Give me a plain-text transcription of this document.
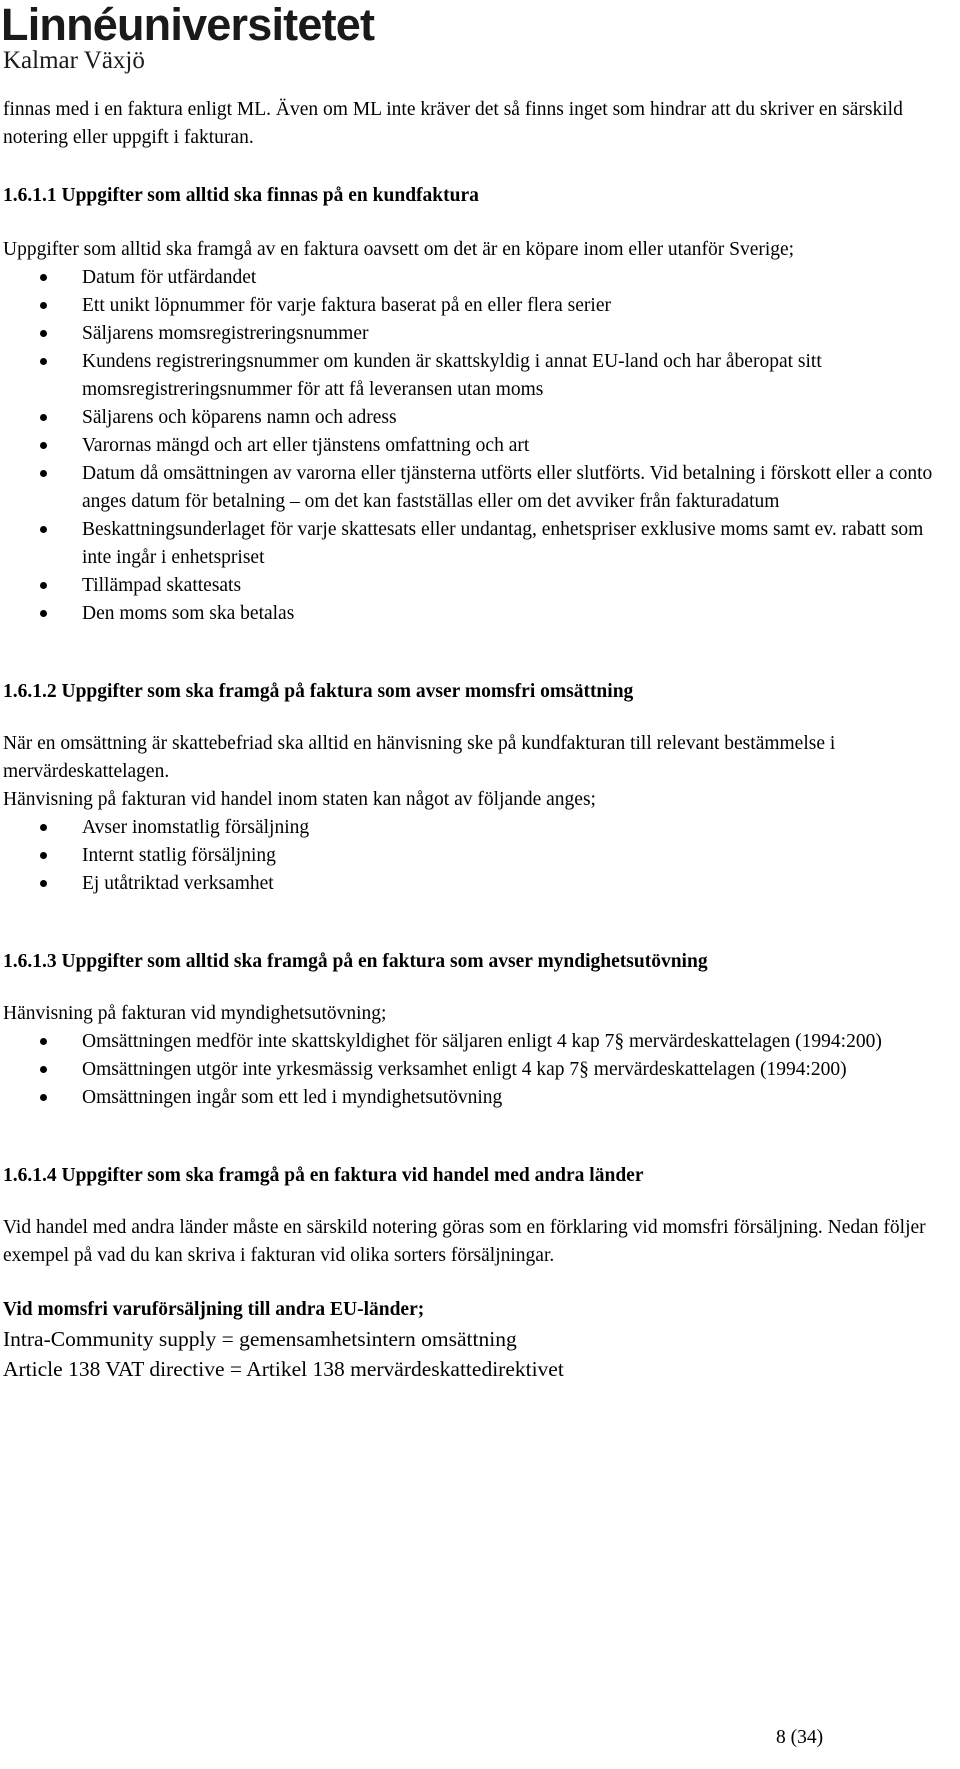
Linnéuniversitetet
Kalmar Växjö

finnas med i en faktura enligt ML. Även om ML inte kräver det så finns inget som hindrar att du skriver en särskild notering eller uppgift i fakturan.

1.6.1.1 Uppgifter som alltid ska finnas på en kundfaktura

Uppgifter som alltid ska framgå av en faktura oavsett om det är en köpare inom eller utanför Sverige;

Datum för utfärdandet
Ett unikt löpnummer för varje faktura baserat på en eller flera serier
Säljarens momsregistreringsnummer
Kundens registreringsnummer om kunden är skattskyldig i annat EU-land och har åberopat sitt momsregistreringsnummer för att få leveransen utan moms
Säljarens och köparens namn och adress
Varornas mängd och art eller tjänstens omfattning och art
Datum då omsättningen av varorna eller tjänsterna utförts eller slutförts. Vid betalning i förskott eller a conto anges datum för betalning – om det kan fastställas eller om det avviker från fakturadatum
Beskattningsunderlaget för varje skattesats eller undantag, enhetspriser exklusive moms samt ev. rabatt som inte ingår i enhetspriset
Tillämpad skattesats
Den moms som ska betalas
1.6.1.2 Uppgifter som ska framgå på faktura som avser momsfri omsättning

När en omsättning är skattebefriad ska alltid en hänvisning ske på kundfakturan till relevant bestämmelse i mervärdeskattelagen.

Hänvisning på fakturan vid handel inom staten kan något av följande anges;

Avser inomstatlig försäljning
Internt statlig försäljning
Ej utåtriktad verksamhet
1.6.1.3 Uppgifter som alltid ska framgå på en faktura som avser myndighetsutövning

Hänvisning på fakturan vid myndighetsutövning;

Omsättningen medför inte skattskyldighet för säljaren enligt 4 kap 7§ mervärdeskattelagen (1994:200)
Omsättningen utgör inte yrkesmässig verksamhet enligt 4 kap 7§ mervärdeskattelagen (1994:200)
Omsättningen ingår som ett led i myndighetsutövning
1.6.1.4 Uppgifter som ska framgå på en faktura vid handel med andra länder

Vid handel med andra länder måste en särskild notering göras som en förklaring vid momsfri försäljning. Nedan följer exempel på vad du kan skriva i fakturan vid olika sorters försäljningar.

Vid momsfri varuförsäljning till andra EU-länder;

Intra-Community supply = gemensamhetsintern omsättning

Article 138 VAT directive = Artikel 138 mervärdeskattedirektivet

8 (34)
